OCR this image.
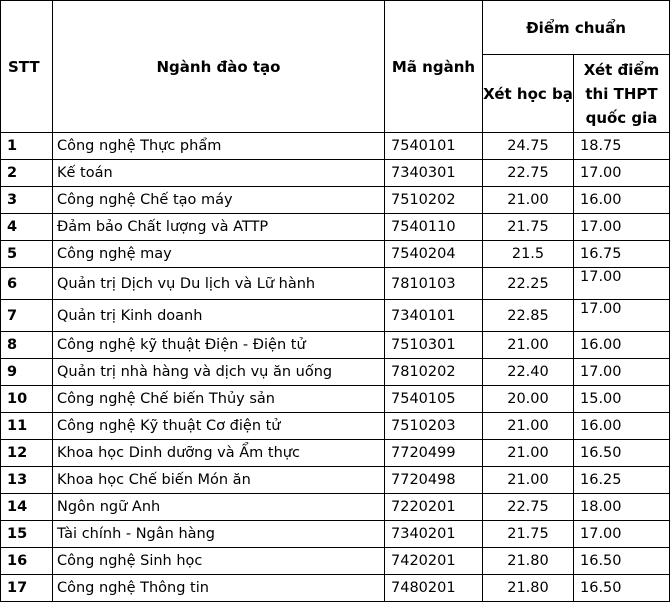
STT	Ngành đào tạo	Mã ngành	Điểm chuẩn	
			Xét học bạ	Xét điểm thi THPT quốc gia
1	Công nghệ Thực phẩm	7540101	24.75	18.75
2	Kế toán	7340301	22.75	17.00
3	Công nghệ Chế tạo máy	7510202	21.00	16.00
4	Đảm bảo Chất lượng và ATTP	7540110	21.75	17.00
5	Công nghệ may	7540204	21.5	16.75
6	Quản trị Dịch vụ Du lịch và Lữ hành	7810103	22.25	17.00
7	Quản trị Kinh doanh	7340101	22.85	17.00
8	Công nghệ kỹ thuật Điện - Điện tử	7510301	21.00	16.00
9	Quản trị nhà hàng và dịch vụ ăn uống	7810202	22.40	17.00
10	Công nghệ Chế biến Thủy sản	7540105	20.00	15.00
11	Công nghệ Kỹ thuật Cơ điện tử	7510203	21.00	16.00
12	Khoa học Dinh dưỡng và Ẩm thực	7720499	21.00	16.50
13	Khoa học Chế biến Món ăn	7720498	21.00	16.25
14	Ngôn ngữ Anh	7220201	22.75	18.00
15	Tài chính - Ngân hàng	7340201	21.75	17.00
16	Công nghệ Sinh học	7420201	21.80	16.50
17	Công nghệ Thông tin	7480201	21.80	16.50
